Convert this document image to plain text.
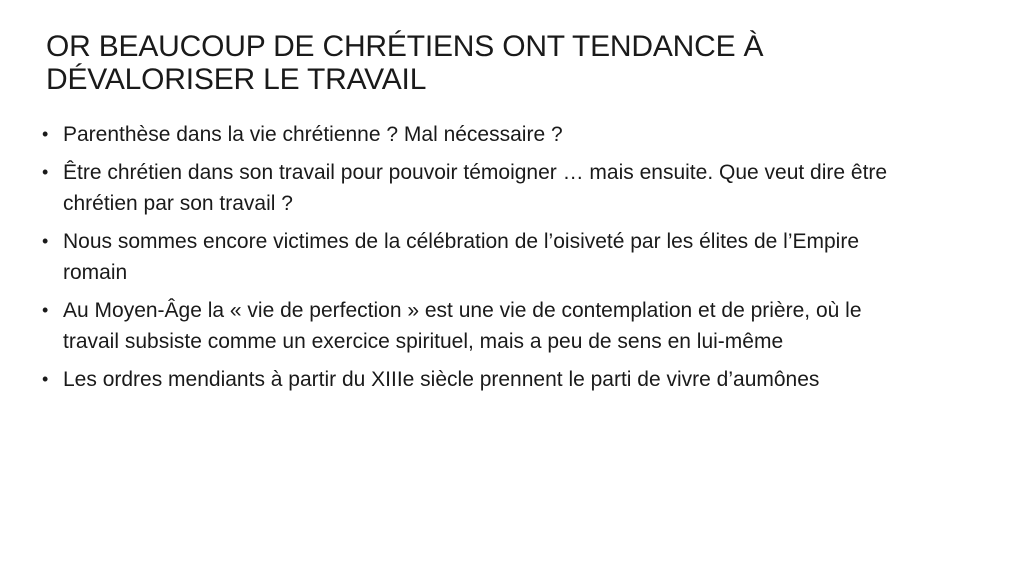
OR BEAUCOUP DE CHRÉTIENS ONT TENDANCE À DÉVALORISER LE TRAVAIL
• Parenthèse dans la vie chrétienne ? Mal nécessaire ?
• Être chrétien dans son travail pour pouvoir témoigner … mais ensuite. Que veut dire être chrétien par son travail ?
• Nous sommes encore victimes de la célébration de l’oisiveté par les élites de l’Empire romain
• Au Moyen-Âge la « vie de perfection » est une vie de contemplation et de prière, où le travail subsiste comme un exercice spirituel, mais a peu de sens en lui-même
• Les ordres mendiants à partir du XIIIe siècle prennent le parti de vivre d’aumônes
